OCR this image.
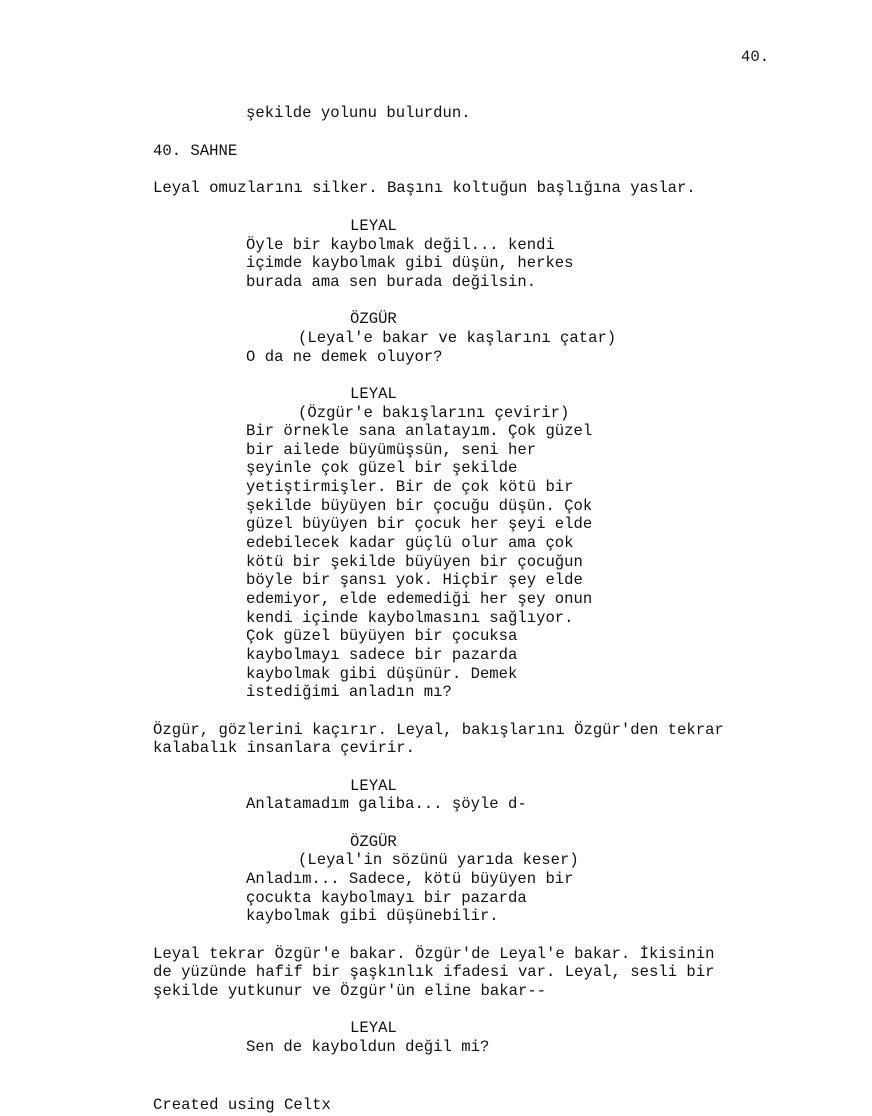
40.
şekilde yolunu bulurdun.
40. SAHNE
Leyal omuzlarını silker. Başını koltuğun başlığına yaslar.
LEYAL
Öyle bir kaybolmak değil... kendi
içimde kaybolmak gibi düşün, herkes
burada ama sen burada değilsin.
ÖZGÜR
(Leyal'e bakar ve kaşlarını çatar)
O da ne demek oluyor?
LEYAL
(Özgür'e bakışlarını çevirir)
Bir örnekle sana anlatayım. Çok güzel
bir ailede büyümüşsün, seni her
şeyinle çok güzel bir şekilde
yetiştirmişler. Bir de çok kötü bir
şekilde büyüyen bir çocuğu düşün. Çok
güzel büyüyen bir çocuk her şeyi elde
edebilecek kadar güçlü olur ama çok
kötü bir şekilde büyüyen bir çocuğun
böyle bir şansı yok. Hiçbir şey elde
edemiyor, elde edemediği her şey onun
kendi içinde kaybolmasını sağlıyor.
Çok güzel büyüyen bir çocuksa
kaybolmayı sadece bir pazarda
kaybolmak gibi düşünür. Demek
istediğimi anladın mı?
Özgür, gözlerini kaçırır. Leyal, bakışlarını Özgür'den tekrar
kalabalık insanlara çevirir.
LEYAL
Anlatamadım galiba... şöyle d-
ÖZGÜR
(Leyal'in sözünü yarıda keser)
Anladım... Sadece, kötü büyüyen bir
çocukta kaybolmayı bir pazarda
kaybolmak gibi düşünebilir.
Leyal tekrar Özgür'e bakar. Özgür'de Leyal'e bakar. İkisinin
de yüzünde hafif bir şaşkınlık ifadesi var. Leyal, sesli bir
şekilde yutkunur ve Özgür'ün eline bakar--
LEYAL
Sen de kayboldun değil mi?
Created using Celtx
